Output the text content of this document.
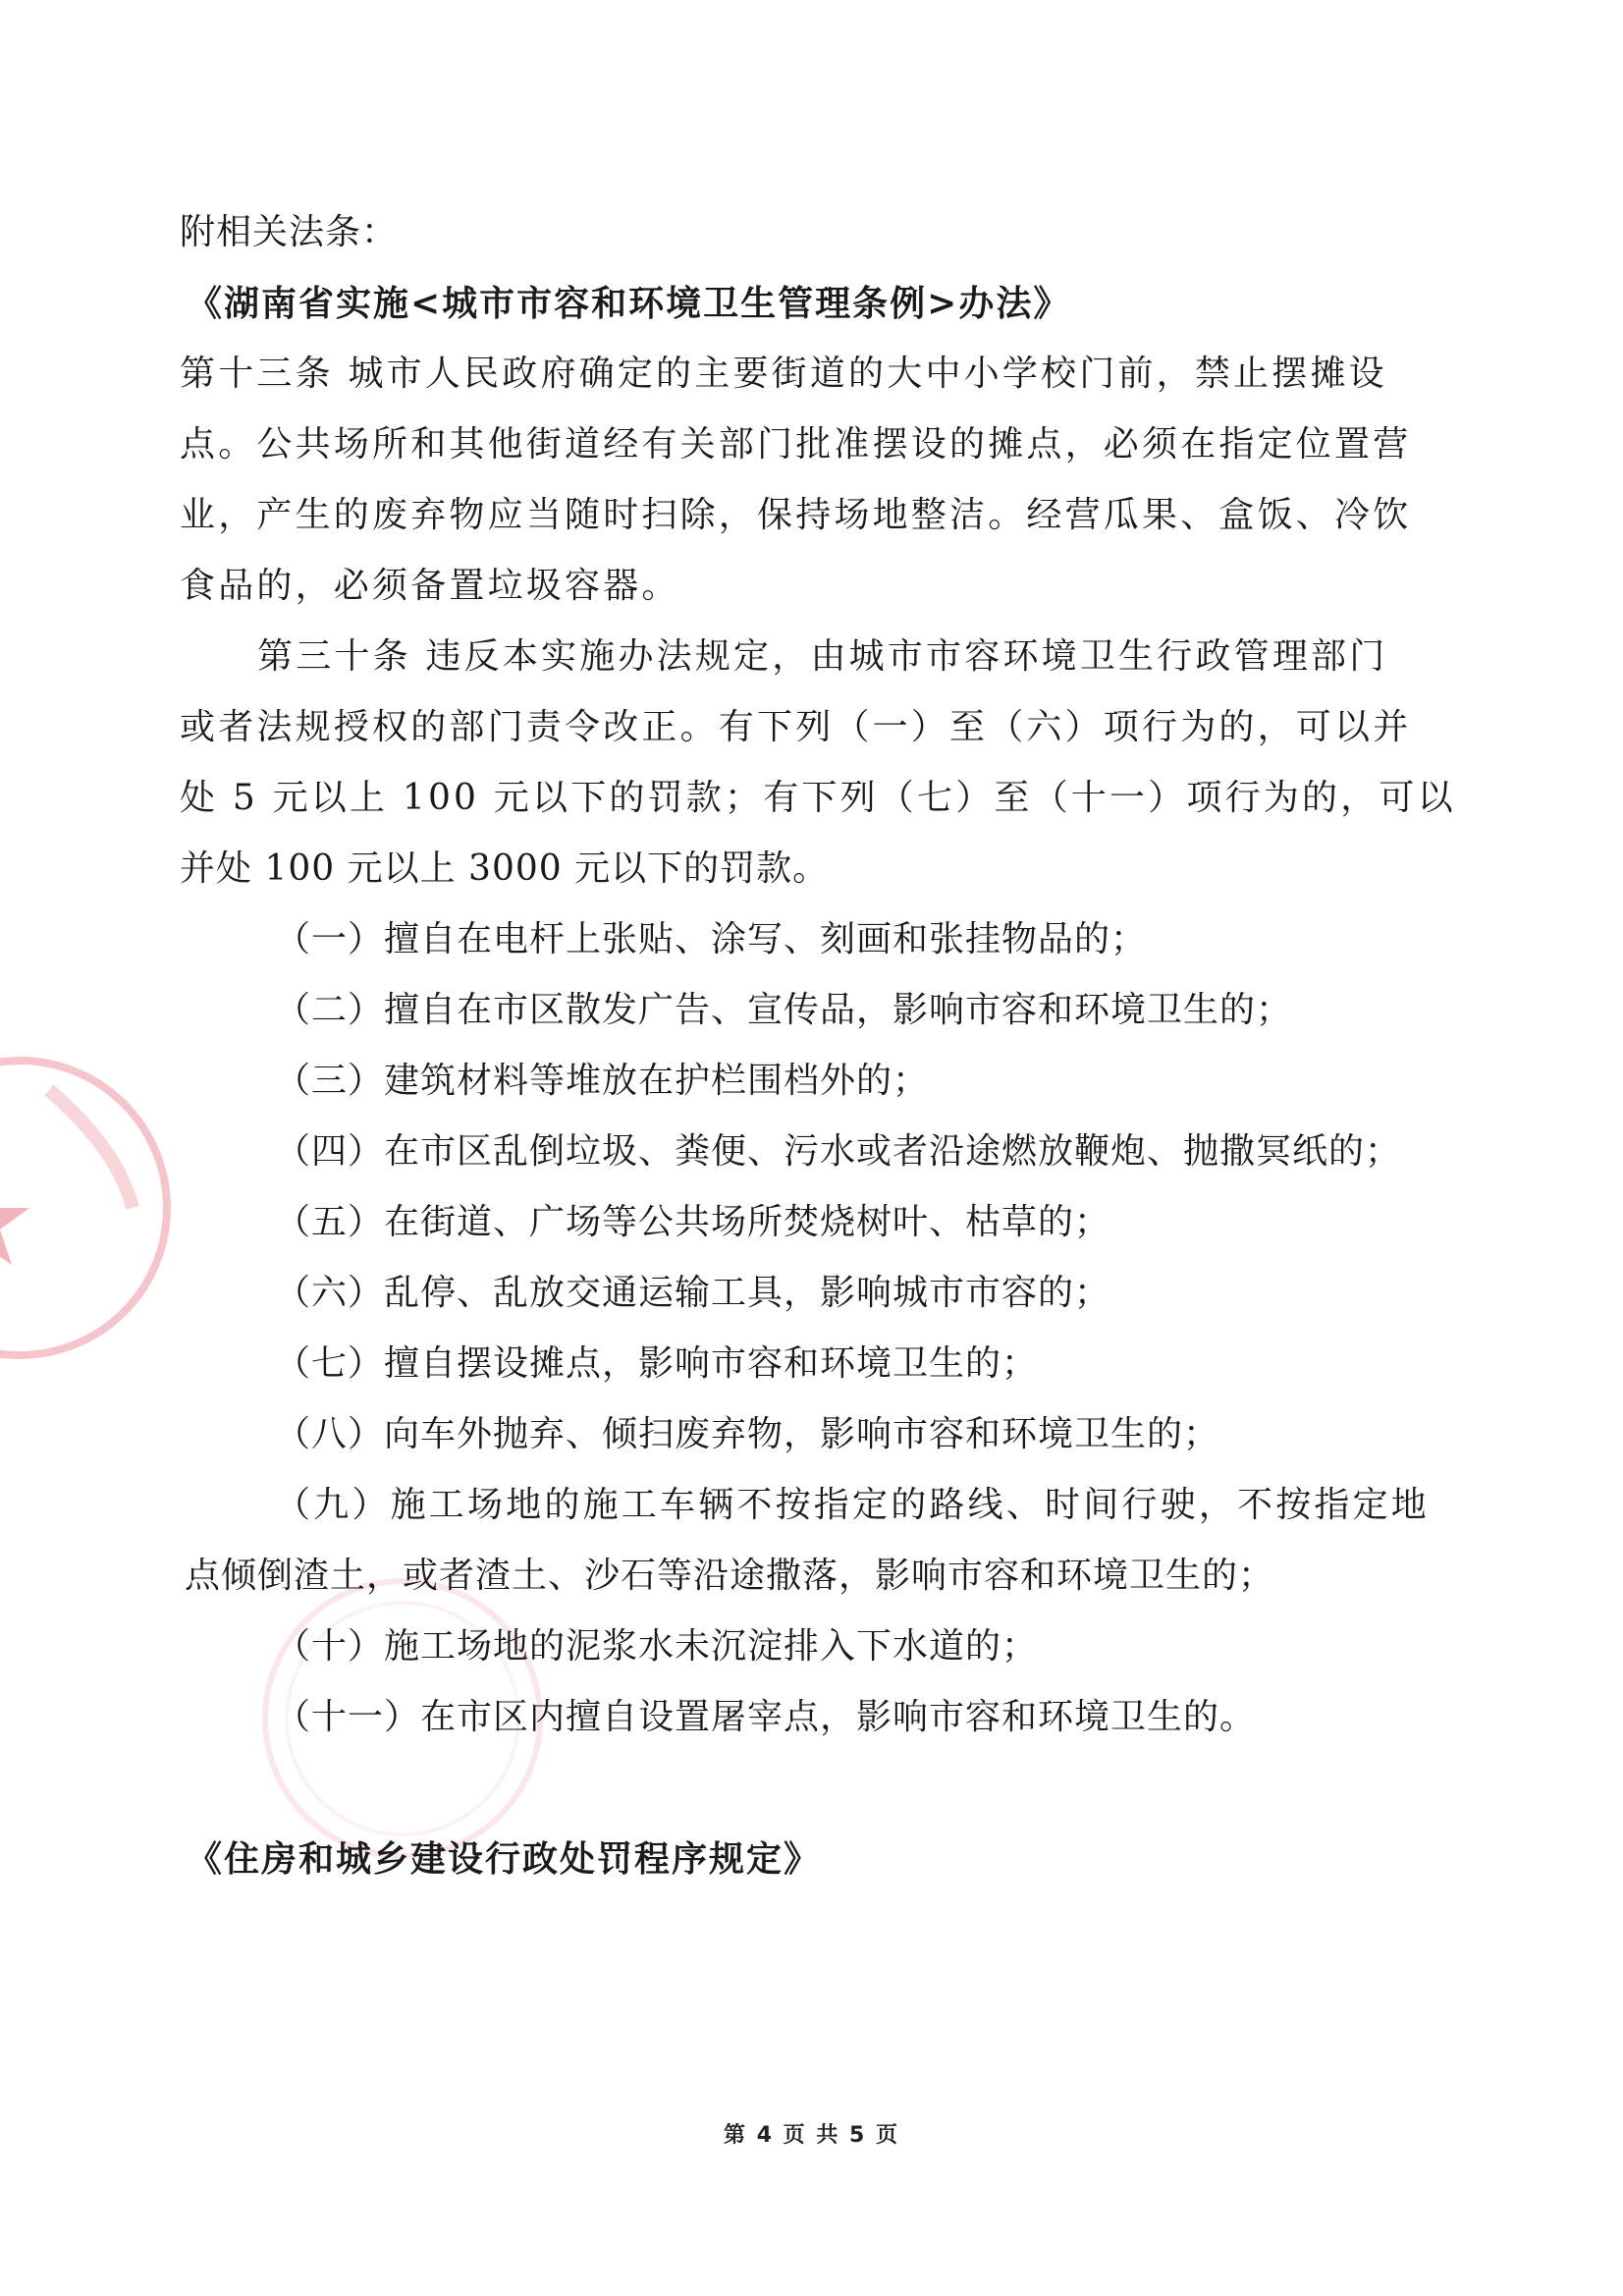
附相关法条：
《湖南省实施<城市市容和环境卫生管理条例>办法》
第十三条 城市人民政府确定的主要街道的大中小学校门前，禁止摆摊设
点。公共场所和其他街道经有关部门批准摆设的摊点，必须在指定位置营
业，产生的废弃物应当随时扫除，保持场地整洁。经营瓜果、盒饭、冷饮
食品的，必须备置垃圾容器。
第三十条 违反本实施办法规定，由城市市容环境卫生行政管理部门
或者法规授权的部门责令改正。有下列（一）至（六）项行为的，可以并
处 5 元以上 100 元以下的罚款；有下列（七）至（十一）项行为的，可以
并处 100 元以上 3000 元以下的罚款。
（一）擅自在电杆上张贴、涂写、刻画和张挂物品的；
（二）擅自在市区散发广告、宣传品，影响市容和环境卫生的；
（三）建筑材料等堆放在护栏围档外的；
（四）在市区乱倒垃圾、粪便、污水或者沿途燃放鞭炮、抛撒冥纸的；
（五）在街道、广场等公共场所焚烧树叶、枯草的；
（六）乱停、乱放交通运输工具，影响城市市容的；
（七）擅自摆设摊点，影响市容和环境卫生的；
（八）向车外抛弃、倾扫废弃物，影响市容和环境卫生的；
（九）施工场地的施工车辆不按指定的路线、时间行驶，不按指定地
点倾倒渣土，或者渣土、沙石等沿途撒落，影响市容和环境卫生的；
（十）施工场地的泥浆水未沉淀排入下水道的；
（十一）在市区内擅自设置屠宰点，影响市容和环境卫生的。
《住房和城乡建设行政处罚程序规定》
第 4 页 共 5 页
